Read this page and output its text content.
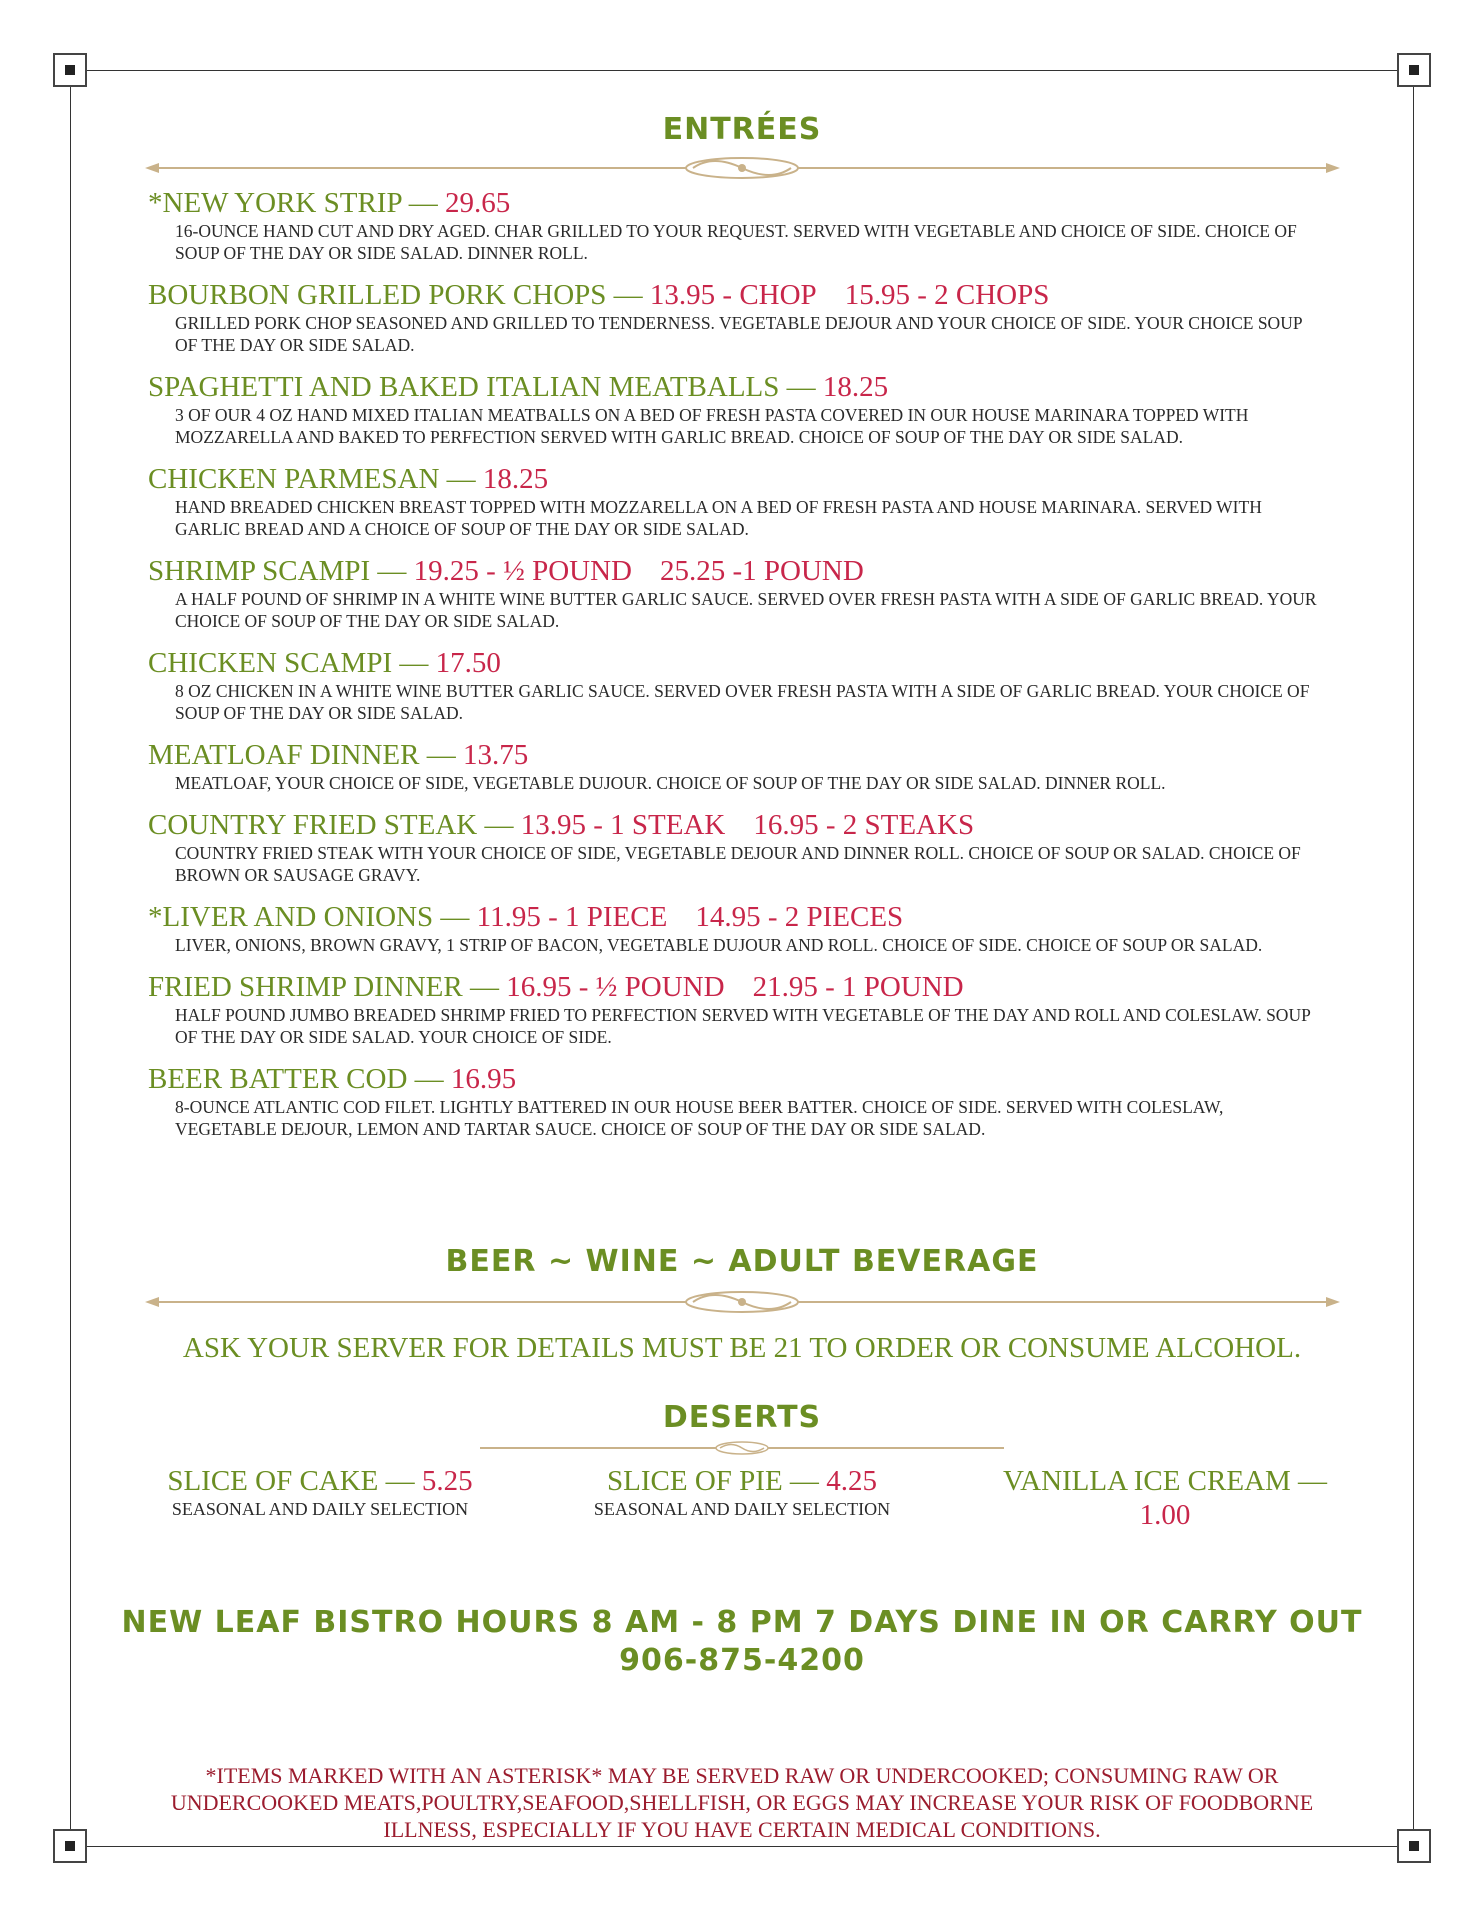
ENTRÉES
*NEW YORK STRIP — 29.65
16-OUNCE HAND CUT AND DRY AGED. CHAR GRILLED TO YOUR REQUEST. SERVED WITH VEGETABLE AND CHOICE OF SIDE. CHOICE OF SOUP OF THE DAY OR SIDE SALAD. DINNER ROLL.
BOURBON GRILLED PORK CHOPS — 13.95 - CHOP 15.95 - 2 CHOPS
GRILLED PORK CHOP SEASONED AND GRILLED TO TENDERNESS. VEGETABLE DEJOUR AND YOUR CHOICE OF SIDE. YOUR CHOICE SOUP OF THE DAY OR SIDE SALAD.
SPAGHETTI AND BAKED ITALIAN MEATBALLS — 18.25
3 OF OUR 4 OZ HAND MIXED ITALIAN MEATBALLS ON A BED OF FRESH PASTA COVERED IN OUR HOUSE MARINARA TOPPED WITH MOZZARELLA AND BAKED TO PERFECTION SERVED WITH GARLIC BREAD. CHOICE OF SOUP OF THE DAY OR SIDE SALAD.
CHICKEN PARMESAN — 18.25
HAND BREADED CHICKEN BREAST TOPPED WITH MOZZARELLA ON A BED OF FRESH PASTA AND HOUSE MARINARA. SERVED WITH GARLIC BREAD AND A CHOICE OF SOUP OF THE DAY OR SIDE SALAD.
SHRIMP SCAMPI — 19.25 - ½ POUND 25.25 -1 POUND
A HALF POUND OF SHRIMP IN A WHITE WINE BUTTER GARLIC SAUCE. SERVED OVER FRESH PASTA WITH A SIDE OF GARLIC BREAD. YOUR CHOICE OF SOUP OF THE DAY OR SIDE SALAD.
CHICKEN SCAMPI — 17.50
8 OZ CHICKEN IN A WHITE WINE BUTTER GARLIC SAUCE. SERVED OVER FRESH PASTA WITH A SIDE OF GARLIC BREAD. YOUR CHOICE OF SOUP OF THE DAY OR SIDE SALAD.
MEATLOAF DINNER — 13.75
MEATLOAF, YOUR CHOICE OF SIDE, VEGETABLE DUJOUR. CHOICE OF SOUP OF THE DAY OR SIDE SALAD. DINNER ROLL.
COUNTRY FRIED STEAK — 13.95 - 1 STEAK 16.95 - 2 STEAKS
COUNTRY FRIED STEAK WITH YOUR CHOICE OF SIDE, VEGETABLE DEJOUR AND DINNER ROLL. CHOICE OF SOUP OR SALAD. CHOICE OF BROWN OR SAUSAGE GRAVY.
*LIVER AND ONIONS — 11.95 - 1 PIECE 14.95 - 2 PIECES
LIVER, ONIONS, BROWN GRAVY, 1 STRIP OF BACON, VEGETABLE DUJOUR AND ROLL. CHOICE OF SIDE. CHOICE OF SOUP OR SALAD.
FRIED SHRIMP DINNER — 16.95 - ½ POUND 21.95 - 1 POUND
HALF POUND JUMBO BREADED SHRIMP FRIED TO PERFECTION SERVED WITH VEGETABLE OF THE DAY AND ROLL AND COLESLAW. SOUP OF THE DAY OR SIDE SALAD. YOUR CHOICE OF SIDE.
BEER BATTER COD — 16.95
8-OUNCE ATLANTIC COD FILET. LIGHTLY BATTERED IN OUR HOUSE BEER BATTER. CHOICE OF SIDE. SERVED WITH COLESLAW, VEGETABLE DEJOUR, LEMON AND TARTAR SAUCE. CHOICE OF SOUP OF THE DAY OR SIDE SALAD.
BEER ~ WINE ~ ADULT BEVERAGE
ASK YOUR SERVER FOR DETAILS MUST BE 21 TO ORDER OR CONSUME ALCOHOL.
DESERTS
SLICE OF CAKE — 5.25
SEASONAL AND DAILY SELECTION
SLICE OF PIE — 4.25
SEASONAL AND DAILY SELECTION
VANILLA ICE CREAM —
1.00
NEW LEAF BISTRO HOURS 8 AM - 8 PM 7 DAYS DINE IN OR CARRY OUT
906-875-4200
*ITEMS MARKED WITH AN ASTERISK* MAY BE SERVED RAW OR UNDERCOOKED; CONSUMING RAW OR UNDERCOOKED MEATS,POULTRY,SEAFOOD,SHELLFISH, OR EGGS MAY INCREASE YOUR RISK OF FOODBORNE ILLNESS, ESPECIALLY IF YOU HAVE CERTAIN MEDICAL CONDITIONS.
